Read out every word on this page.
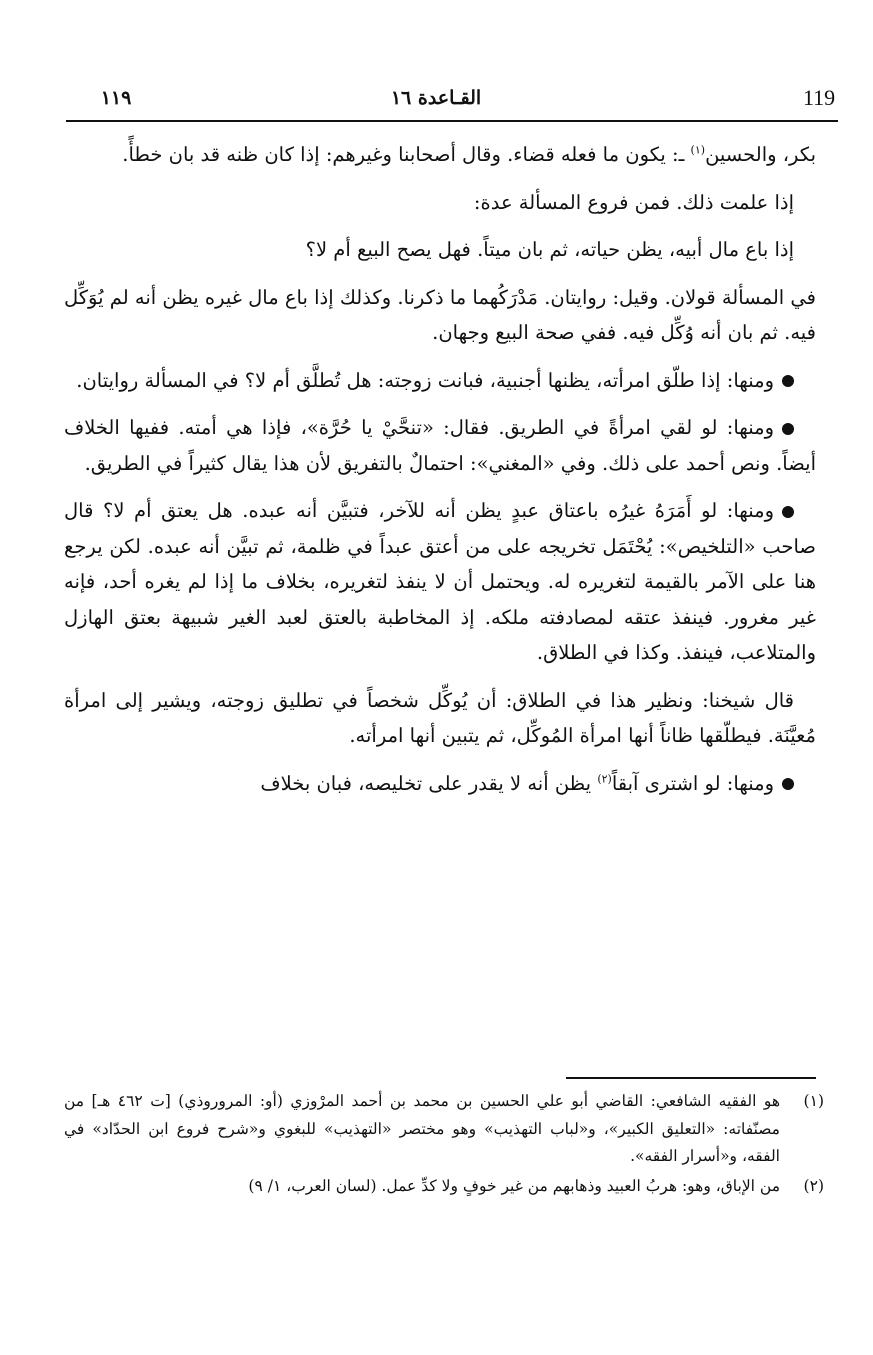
119
القـاعدة ١٦
١١٩

بكر، والحسين$^{(١)}$ ـ: يكون ما فعله قضاء. وقال أصحابنا وغيرهم: إذا كان ظنه قد بان خطأً.

إذا علمت ذلك. فمن فروع المسألة عدة:

إذا باع مال أبيه، يظن حياته، ثم بان ميتاً. فهل يصح البيع أم لا؟

في المسألة قولان. وقيل: روايتان. مَدْرَكُهما ما ذكرنا. وكذلك إذا باع مال غيره يظن أنه لم يُوَكِّل فيه. ثم بان أنه وُكِّل فيه. ففي صحة البيع وجهان.

ومنها: إذا طلّق امرأته، يظنها أجنبية، فبانت زوجته: هل تُطلَّق أم لا؟ في المسألة روايتان.

ومنها: لو لقي امرأةً في الطريق. فقال: «تنحَّيْ يا حُرَّة»، فإذا هي أمته. ففيها الخلاف أيضاً. ونص أحمد على ذلك. وفي «المغني»: احتمالٌ بالتفريق لأن هذا يقال كثيراً في الطريق.

ومنها: لو أَمَرَهُ غيرُه باعتاق عبدٍ يظن أنه للآخر، فتبيَّن أنه عبده. هل يعتق أم لا؟ قال صاحب «التلخيص»: يُحْتَمَل تخريجه على من أعتق عبداً في ظلمة، ثم تبيَّن أنه عبده. لكن يرجع هنا على الآمر بالقيمة لتغريره له. ويحتمل أن لا ينفذ لتغريره، بخلاف ما إذا لم يغره أحد، فإنه غير مغرور. فينفذ عتقه لمصادفته ملكه. إذ المخاطبة بالعتق لعبد الغير شبيهة بعتق الهازل والمتلاعب، فينفذ. وكذا في الطلاق.

قال شيخنا: ونظير هذا في الطلاق: أن يُوكِّل شخصاً في تطليق زوجته، ويشير إلى امرأة مُعيَّنَة. فيطلّقها ظاناً أنها امرأة المُوكِّل، ثم يتبين أنها امرأته.

ومنها: لو اشترى آبقاً$^{(٢)}$ يظن أنه لا يقدر على تخليصه، فبان بخلاف

(١)
هو الفقيه الشافعي: القاضي أبو علي الحسين بن محمد بن أحمد المرْوزي (أو: المروروذي) [ت ٤٦٢ هـ] من مصنّفاته: «التعليق الكبير»، و«لباب التهذيب» وهو مختصر «التهذيب» للبغوي و«شرح فروع ابن الحدّاد» في الفقه، و«أسرار الفقه».
(٢)
من الإباق، وهو: هربُ العبيد وذهابهم من غير خوفٍ ولا كدِّ عمل. (لسان العرب، ١/ ٩)
